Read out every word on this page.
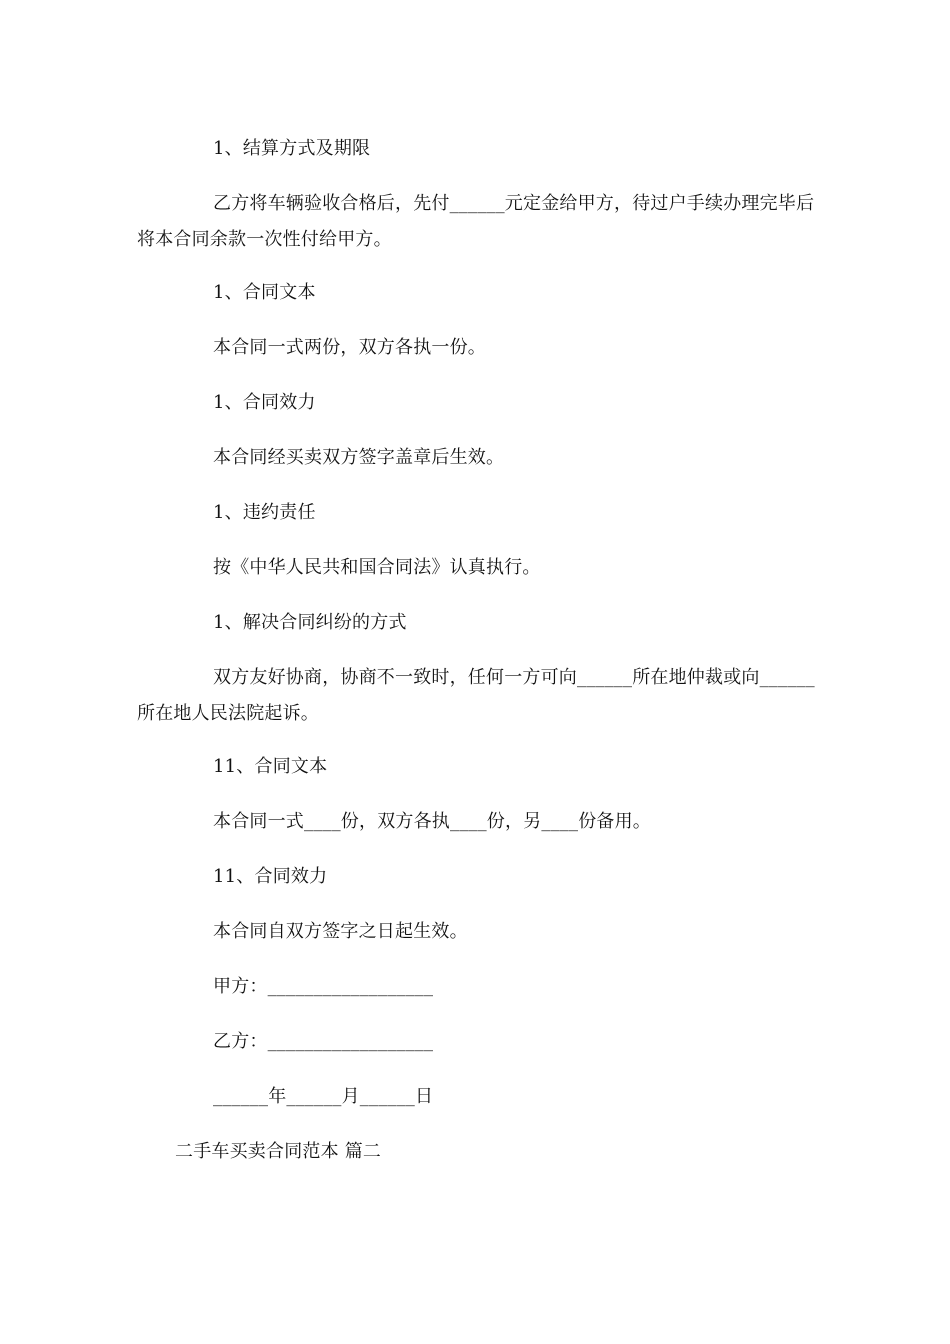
1、结算方式及期限
乙方将车辆验收合格后，先付______元定金给甲方，待过户手续办理完毕后将本合同余款一次性付给甲方。
1、合同文本
本合同一式两份，双方各执一份。
1、合同效力
本合同经买卖双方签字盖章后生效。
1、违约责任
按《中华人民共和国合同法》认真执行。
1、解决合同纠纷的方式
双方友好协商，协商不一致时，任何一方可向______所在地仲裁或向______所在地人民法院起诉。
11、合同文本
本合同一式____份，双方各执____份，另____份备用。
11、合同效力
本合同自双方签字之日起生效。
甲方：__________________
乙方：__________________
______年______月______日
二手车买卖合同范本 篇二
